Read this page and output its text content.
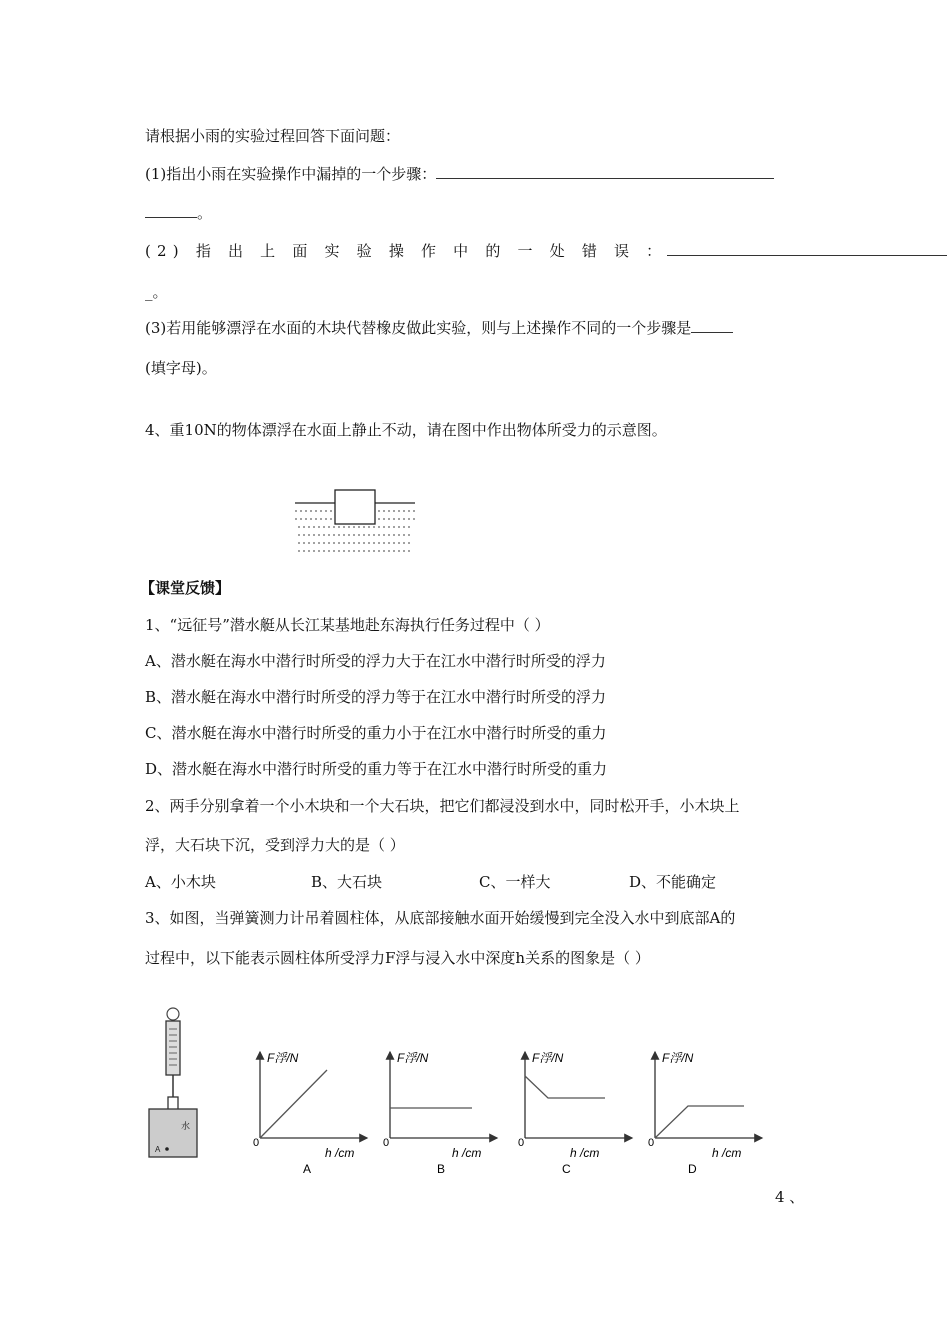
请根据小雨的实验过程回答下面问题：
(1)指出小雨在实验操作中漏掉的一个步骤：
。
(2) 指 出 上 面 实 验 操 作 中 的 一 处 错 误 ：
_。
(3)若用能够漂浮在水面的木块代替橡皮做此实验，则与上述操作不同的一个步骤是
(填字母)。
4、重10N的物体漂浮在水面上静止不动，请在图中作出物体所受力的示意图。
【课堂反馈】
1、“远征号”潜水艇从长江某基地赴东海执行任务过程中（ ）
A、潜水艇在海水中潜行时所受的浮力大于在江水中潜行时所受的浮力
B、潜水艇在海水中潜行时所受的浮力等于在江水中潜行时所受的浮力
C、潜水艇在海水中潜行时所受的重力小于在江水中潜行时所受的重力
D、潜水艇在海水中潜行时所受的重力等于在江水中潜行时所受的重力
2、两手分别拿着一个小木块和一个大石块，把它们都浸没到水中，同时松开手，小木块上
浮，大石块下沉，受到浮力大的是（ ）
A、小木块	B、大石块	C、一样大	D、不能确定
3、如图，当弹簧测力计吊着圆柱体，从底部接触水面开始缓慢到完全没入水中到底部A的
过程中，以下能表示圆柱体所受浮力F浮与浸入水中深度h关系的图象是（ ）
水
A
F浮/N
0
h /cm
A
F浮/N
0
h /cm
B
F浮/N
0
h /cm
C
F浮/N
0
h /cm
D
4 、
